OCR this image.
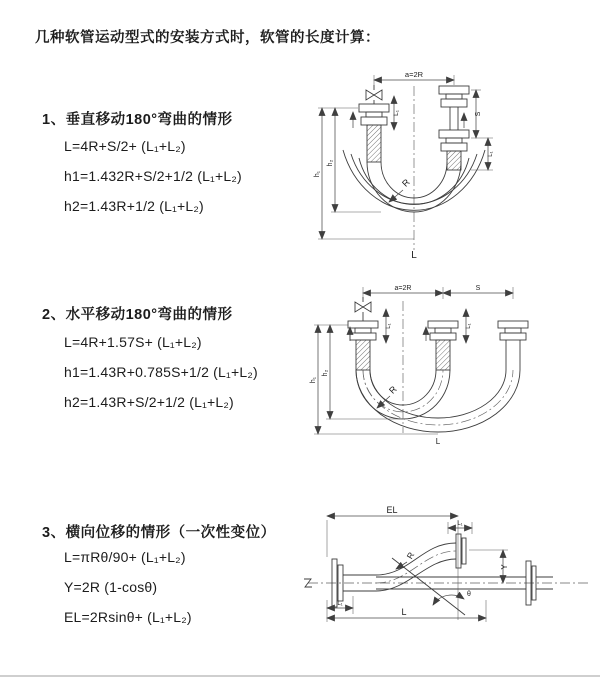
几种软管运动型式的安装方式时，软管的长度计算：
1、垂直移动180°弯曲的情形
L=4R+S/2+ (L₁+L₂)
h1=1.432R+S/2+1/2 (L₁+L₂)
h2=1.43R+1/2 (L₁+L₂)
2、水平移动180°弯曲的情形
L=4R+1.57S+ (L₁+L₂)
h1=1.43R+0.785S+1/2 (L₁+L₂)
h2=1.43R+S/2+1/2 (L₁+L₂)
3、横向位移的情形（一次性变位）
L=πRθ/90+ (L₁+L₂)
Y=2R (1-cosθ)
EL=2Rsinθ+ (L₁+L₂)
a=2R
L₁	S
L₁
h₁
h₂
R
L
a=2R	S
h₁
h₂
L₁	L₁
R
L
EL
L₁
L₁
θ
R
Y
L
